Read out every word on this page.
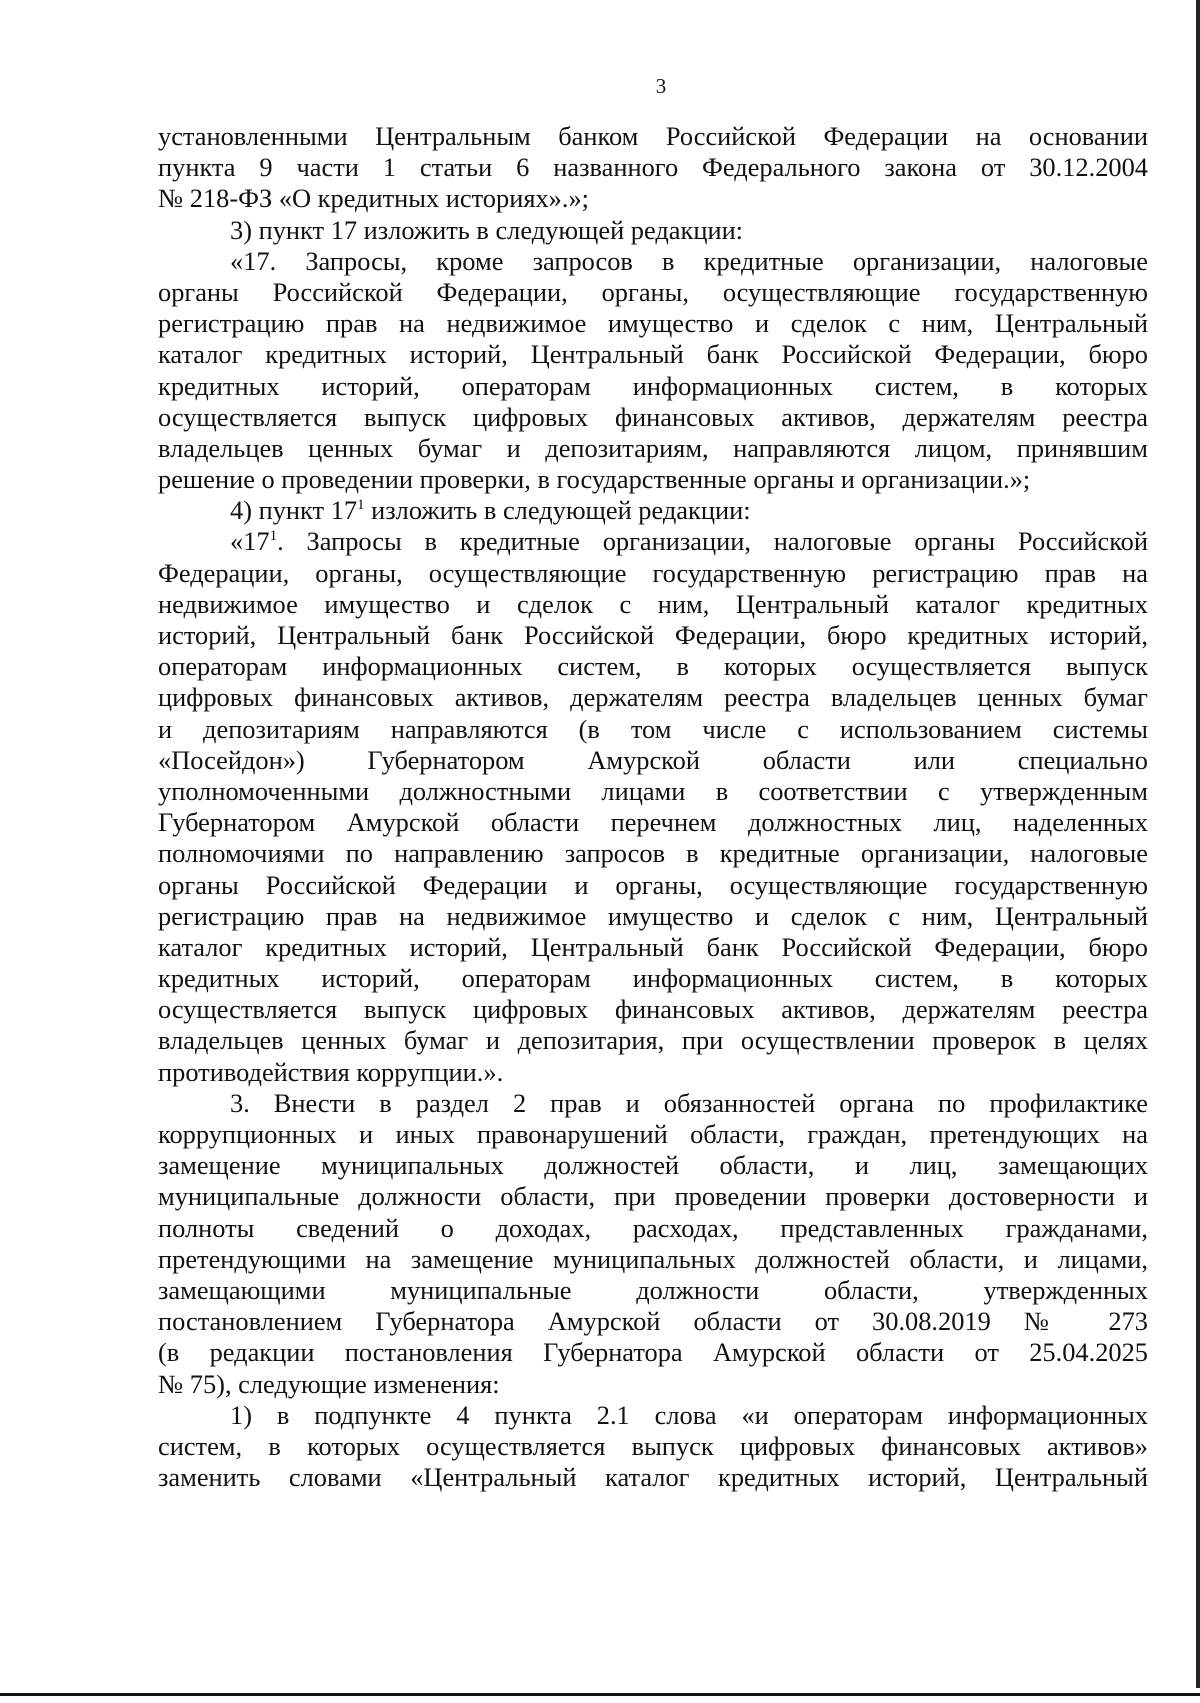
3
установленными Центральным банком Российской Федерации на основании
пункта 9 части 1 статьи 6 названного Федерального закона от 30.12.2004
№ 218-ФЗ «О кредитных историях».»;
3) пункт 17 изложить в следующей редакции:
«17. Запросы, кроме запросов в кредитные организации, налоговые
органы Российской Федерации, органы, осуществляющие государственную
регистрацию прав на недвижимое имущество и сделок с ним, Центральный
каталог кредитных историй, Центральный банк Российской Федерации, бюро
кредитных историй, операторам информационных систем, в которых
осуществляется выпуск цифровых финансовых активов, держателям реестра
владельцев ценных бумаг и депозитариям, направляются лицом, принявшим
решение о проведении проверки, в государственные органы и организации.»;
4) пункт $17^1$ изложить в следующей редакции:
«$17^1$. Запросы в кредитные организации, налоговые органы Российской
Федерации, органы, осуществляющие государственную регистрацию прав на
недвижимое имущество и сделок с ним, Центральный каталог кредитных
историй, Центральный банк Российской Федерации, бюро кредитных историй,
операторам информационных систем, в которых осуществляется выпуск
цифровых финансовых активов, держателям реестра владельцев ценных бумаг
и депозитариям направляются (в том числе с использованием системы
«Посейдон») Губернатором Амурской области или специально
уполномоченными должностными лицами в соответствии с утвержденным
Губернатором Амурской области перечнем должностных лиц, наделенных
полномочиями по направлению запросов в кредитные организации, налоговые
органы Российской Федерации и органы, осуществляющие государственную
регистрацию прав на недвижимое имущество и сделок с ним, Центральный
каталог кредитных историй, Центральный банк Российской Федерации, бюро
кредитных историй, операторам информационных систем, в которых
осуществляется выпуск цифровых финансовых активов, держателям реестра
владельцев ценных бумаг и депозитария, при осуществлении проверок в целях
противодействия коррупции.».
3. Внести в раздел 2 прав и обязанностей органа по профилактике
коррупционных и иных правонарушений области, граждан, претендующих на
замещение муниципальных должностей области, и лиц, замещающих
муниципальные должности области, при проведении проверки достоверности и
полноты сведений о доходах, расходах, представленных гражданами,
претендующими на замещение муниципальных должностей области, и лицами,
замещающими муниципальные должности области, утвержденных
постановлением Губернатора Амурской области от 30.08.2019 № 273
(в редакции постановления Губернатора Амурской области от 25.04.2025
№ 75), следующие изменения:
1) в подпункте 4 пункта 2.1 слова «и операторам информационных
систем, в которых осуществляется выпуск цифровых финансовых активов»
заменить словами «Центральный каталог кредитных историй, Центральный
